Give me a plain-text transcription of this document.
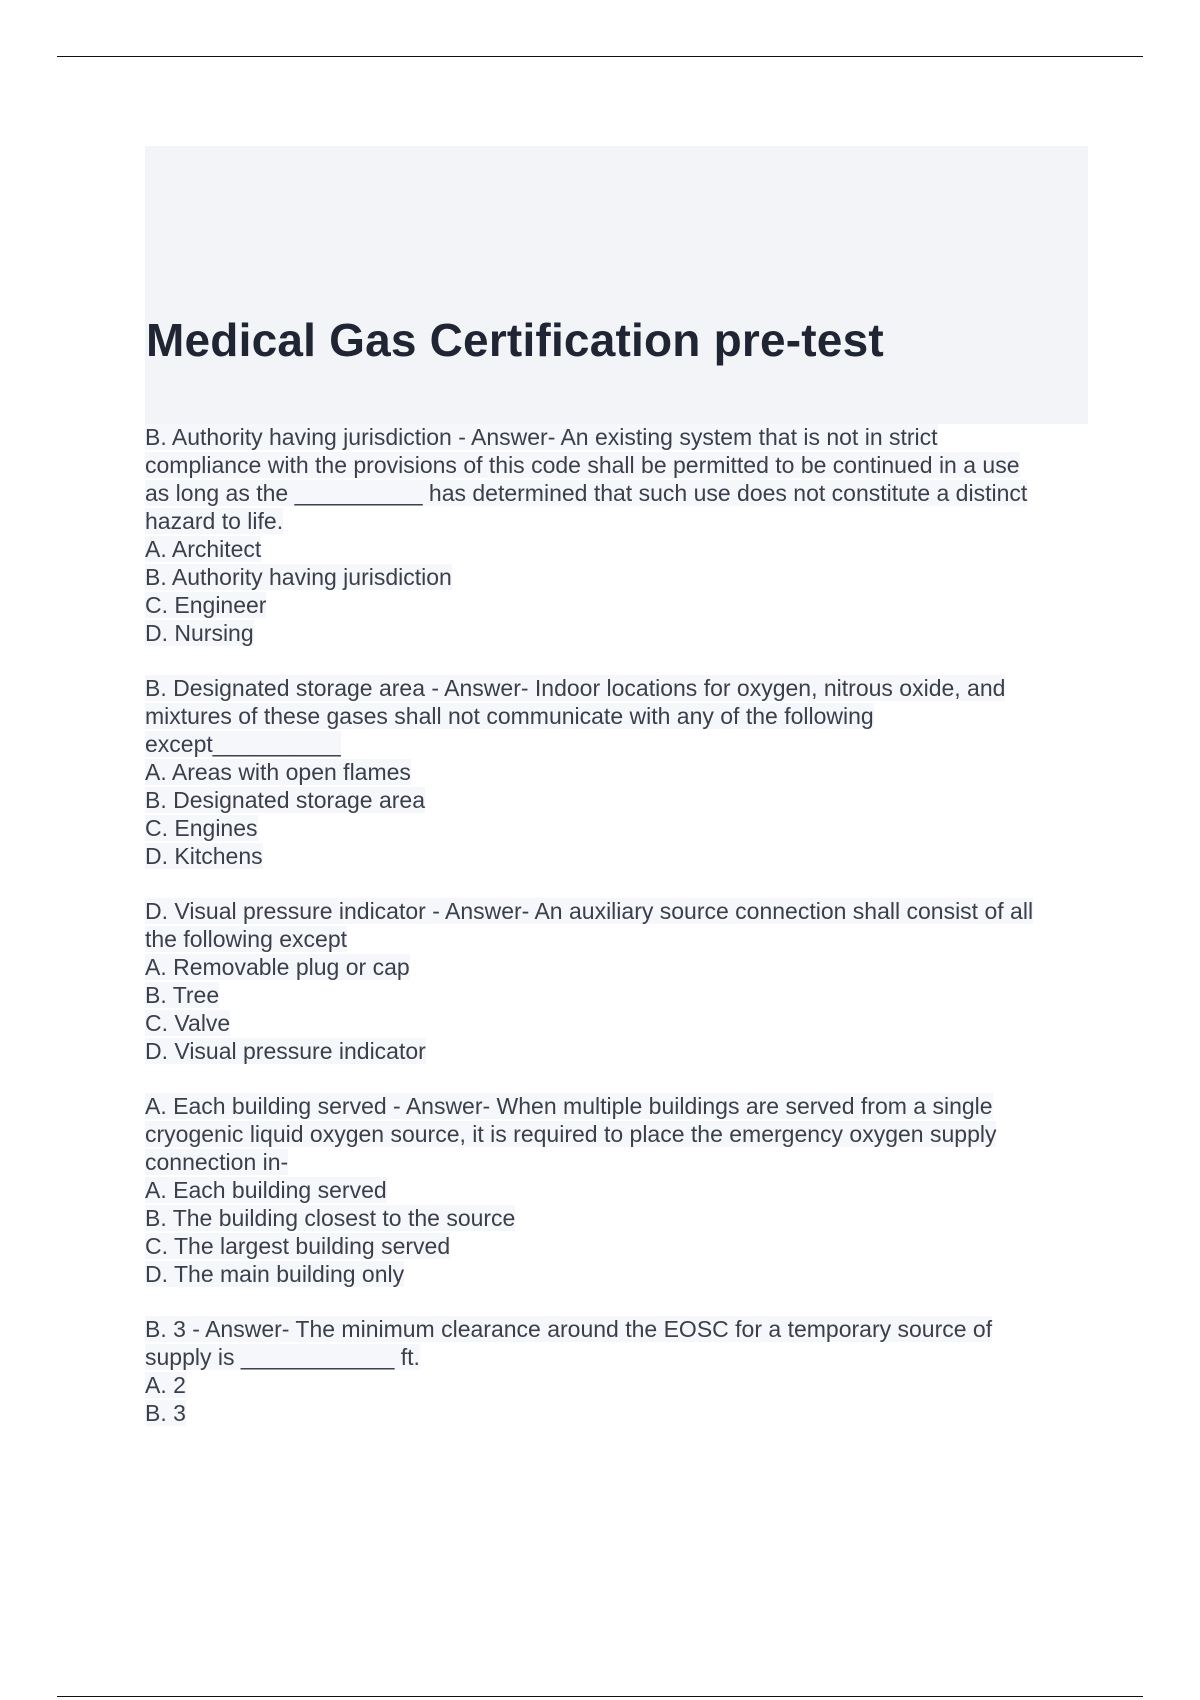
Medical Gas Certification pre-test
B. Authority having jurisdiction - Answer- An existing system that is not in strict
compliance with the provisions of this code shall be permitted to be continued in a use
as long as the __________ has determined that such use does not constitute a distinct
hazard to life.
A. Architect
B. Authority having jurisdiction
C. Engineer
D. Nursing
B. Designated storage area - Answer- Indoor locations for oxygen, nitrous oxide, and
mixtures of these gases shall not communicate with any of the following
except__________
A. Areas with open flames
B. Designated storage area
C. Engines
D. Kitchens
D. Visual pressure indicator - Answer- An auxiliary source connection shall consist of all
the following except
A. Removable plug or cap
B. Tree
C. Valve
D. Visual pressure indicator
A. Each building served - Answer- When multiple buildings are served from a single
cryogenic liquid oxygen source, it is required to place the emergency oxygen supply
connection in-
A. Each building served
B. The building closest to the source
C. The largest building served
D. The main building only
B. 3 - Answer- The minimum clearance around the EOSC for a temporary source of
supply is ____________ ft.
A. 2
B. 3
